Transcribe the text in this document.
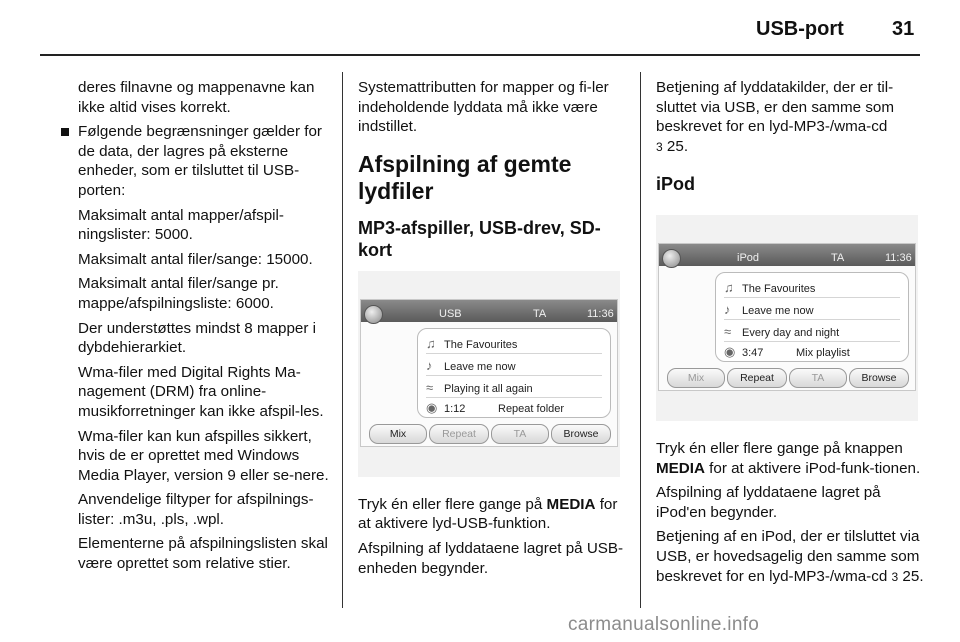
USB-port 31

deres filnavne og mappenavne kan ikke altid vises korrekt.

Følgende begrænsninger gælder for de data, der lagres på eksterne enheder, som er tilsluttet til USB-porten:

Maksimalt antal mapper/afspil-ningslister: 5000.

Maksimalt antal filer/sange: 15000.

Maksimalt antal filer/sange pr. mappe/afspilningsliste: 6000.

Der understøttes mindst 8 mapper i dybdehierarkiet.

Wma-filer med Digital Rights Ma-nagement (DRM) fra online-musikforretninger kan ikke afspil-les.

Wma-filer kan kun afspilles sikkert, hvis de er oprettet med Windows Media Player, version 9 eller se-nere.

Anvendelige filtyper for afspilnings-lister: .m3u, .pls, .wpl.

Elementerne på afspilningslisten skal være oprettet som relative stier.

Systemattributten for mapper og fi-ler indeholdende lyddata må ikke være indstillet.

Afspilning af gemte lydfiler

MP3-afspiller, USB-drev, SD-kort

USB	TA	11:36
♫ The Favourites
♪ Leave me now
≈ Playing it all again
◉ 1:12	Repeat folder
Mix	Repeat	TA	Browse

Tryk én eller flere gange på MEDIA for at aktivere lyd-USB-funktion.

Afspilning af lyddataene lagret på USB-enheden begynder.

Betjening af lyddatakilder, der er til-sluttet via USB, er den samme som beskrevet for en lyd-MP3-/wma-cd
3 25.

iPod

iPod	TA	11:36
♫ The Favourites
♪ Leave me now
≈ Every day and night
◉ 3:47	Mix playlist
Mix	Repeat	TA	Browse

Tryk én eller flere gange på knappen MEDIA for at aktivere iPod-funk-tionen.

Afspilning af lyddataene lagret på iPod'en begynder.

Betjening af en iPod, der er tilsluttet via USB, er hovedsagelig den samme som beskrevet for en lyd-MP3-/wma-cd 3 25.

carmanualsonline.info
